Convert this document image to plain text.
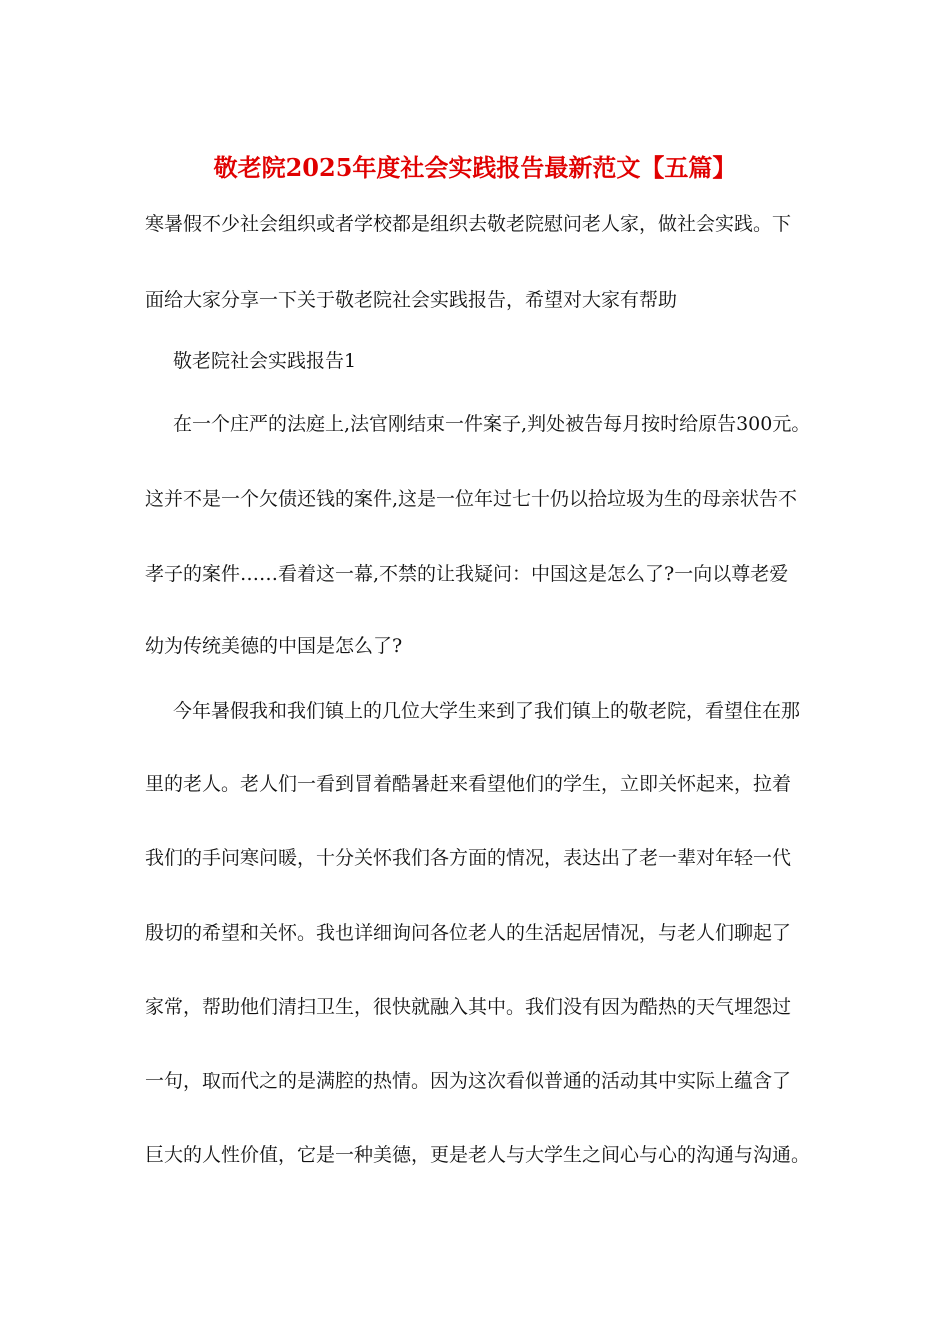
敬老院2025年度社会实践报告最新范文【五篇】
寒暑假不少社会组织或者学校都是组织去敬老院慰问老人家，做社会实践。下
面给大家分享一下关于敬老院社会实践报告，希望对大家有帮助
敬老院社会实践报告1
在一个庄严的法庭上,法官刚结束一件案子,判处被告每月按时给原告300元。
这并不是一个欠债还钱的案件,这是一位年过七十仍以拾垃圾为生的母亲状告不
孝子的案件……看着这一幕,不禁的让我疑问：中国这是怎么了?一向以尊老爱
幼为传统美德的中国是怎么了?
今年暑假我和我们镇上的几位大学生来到了我们镇上的敬老院，看望住在那
里的老人。老人们一看到冒着酷暑赶来看望他们的学生，立即关怀起来，拉着
我们的手问寒问暖，十分关怀我们各方面的情况，表达出了老一辈对年轻一代
殷切的希望和关怀。我也详细询问各位老人的生活起居情况，与老人们聊起了
家常，帮助他们清扫卫生，很快就融入其中。我们没有因为酷热的天气埋怨过
一句，取而代之的是满腔的热情。因为这次看似普通的活动其中实际上蕴含了
巨大的人性价值，它是一种美德，更是老人与大学生之间心与心的沟通与沟通。
